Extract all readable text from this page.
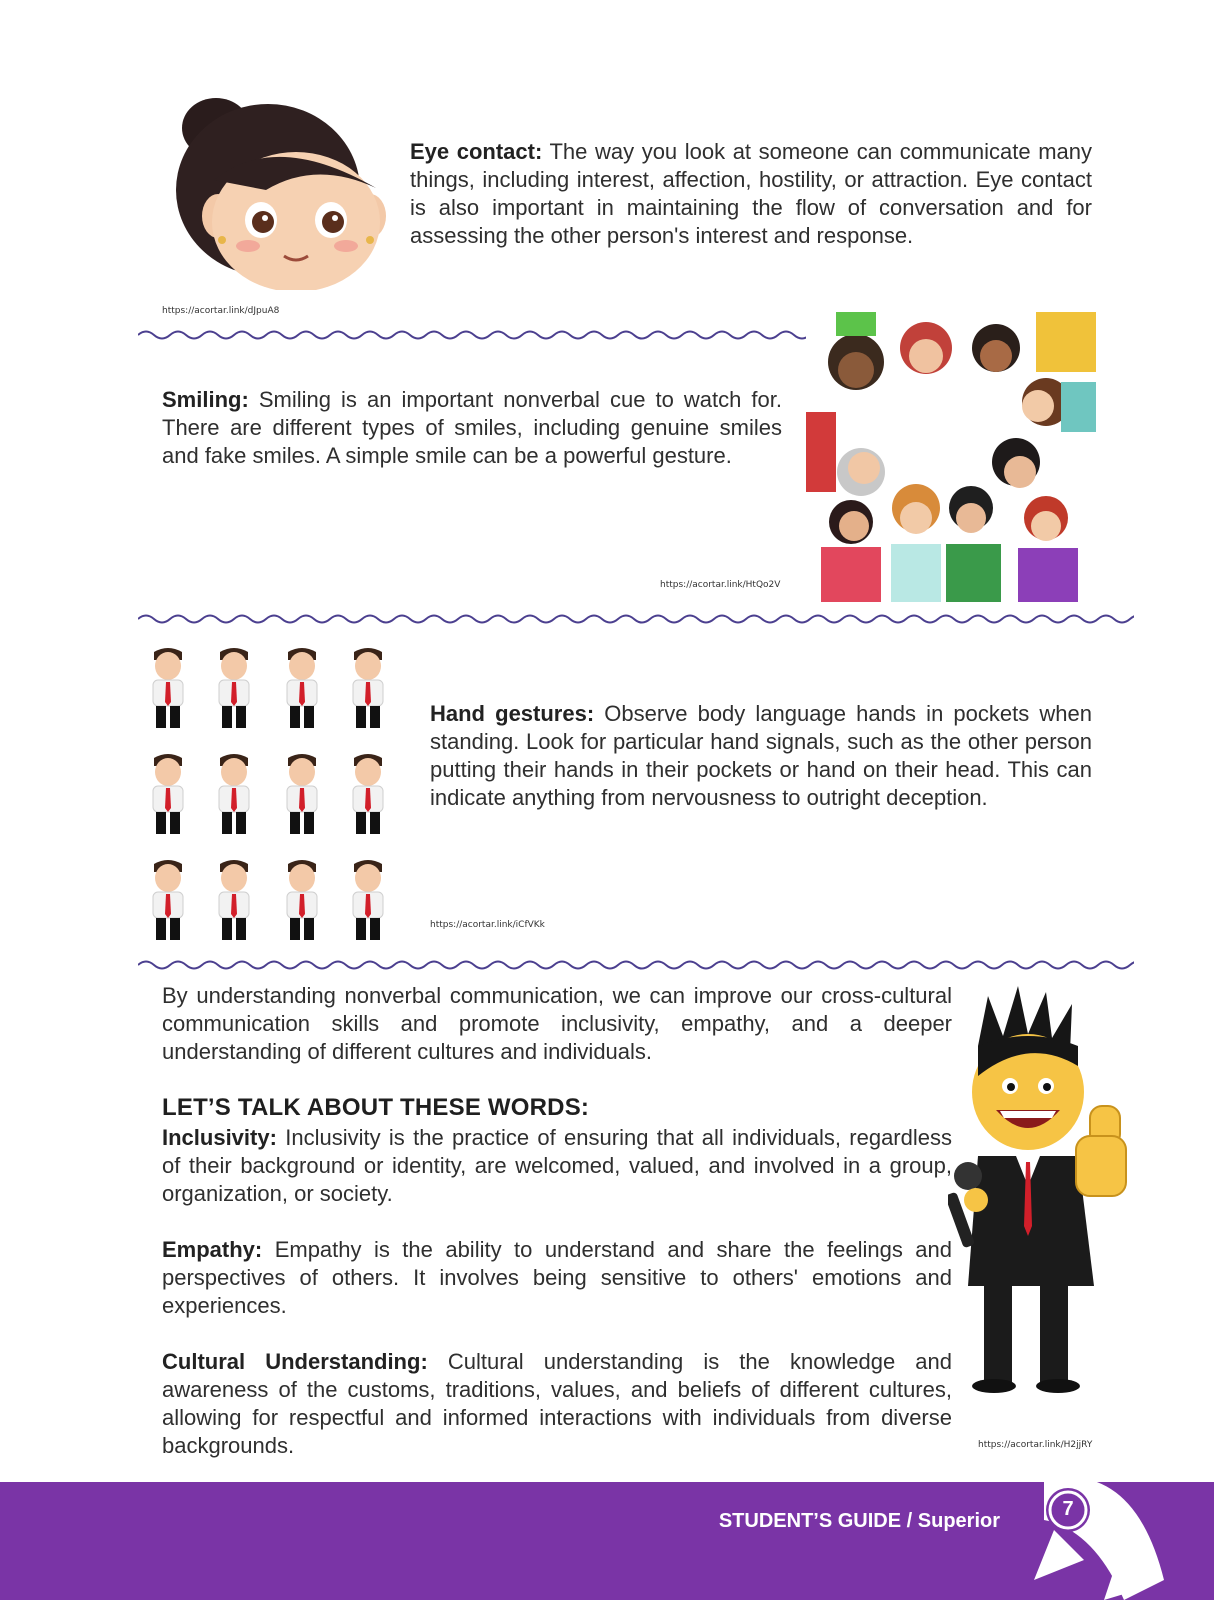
Eye contact: The way you look at someone can communicate many things, including interest, affection, hostility, or attraction. Eye contact is also important in maintaining the flow of conversation and for assessing the other person's interest and response.
https://acortar.link/dJpuA8
Smiling: Smiling is an important nonverbal cue to watch for. There are different types of smiles, including genuine smiles and fake smiles. A simple smile can be a powerful gesture.
https://acortar.link/HtQo2V
Hand gestures: Observe body language hands in pockets when standing. Look for particular hand signals, such as the other person putting their hands in their pockets or hand on their head. This can indicate anything from nervousness to outright deception.
https://acortar.link/iCfVKk
By understanding nonverbal communication, we can improve our cross-cultural communication skills and promote inclusivity, empathy, and a deeper understanding of different cultures and individuals.
LET’S TALK ABOUT THESE WORDS:
Inclusivity: Inclusivity is the practice of ensuring that all individuals, regardless of their background or identity, are welcomed, valued, and involved in a group, organization, or society.
Empathy: Empathy is the ability to understand and share the feelings and perspectives of others. It involves being sensitive to others' emotions and experiences.
Cultural Understanding: Cultural understanding is the knowledge and awareness of the customs, traditions, values, and beliefs of different cultures, allowing for respectful and informed interactions with individuals from diverse backgrounds.	https://acortar.link/H2jjRY
STUDENT’S GUIDE / Superior
7
